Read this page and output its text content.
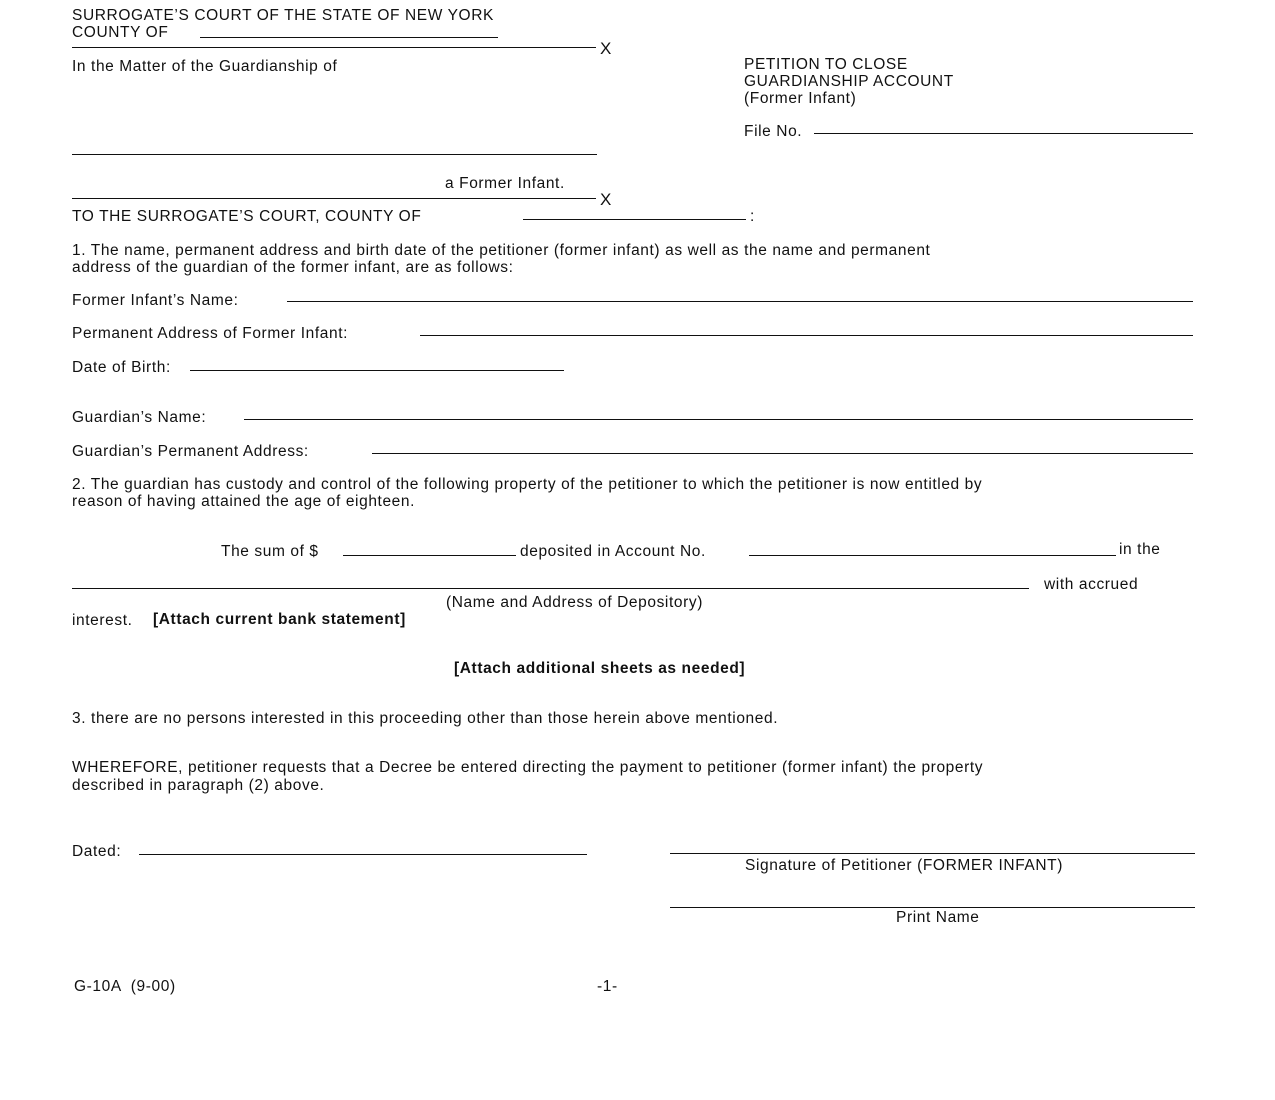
SURROGATE’S COURT OF THE STATE OF NEW YORK
COUNTY OF
X
In the Matter of the Guardianship of
a Former Infant.
X
PETITION TO CLOSE
GUARDIANSHIP ACCOUNT
(Former Infant)
File No.
TO THE SURROGATE’S COURT, COUNTY OF	:
1. The name, permanent address and birth date of the petitioner (former infant) as well as the name and permanent
address of the guardian of the former infant, are as follows:
Former Infant’s Name:
Permanent Address of Former Infant:
Date of Birth:
Guardian’s Name:
Guardian’s Permanent Address:
2. The guardian has custody and control of the following property of the petitioner to which the petitioner is now entitled by
reason of having attained the age of eighteen.
The sum of $	deposited in Account No.	in the
with accrued
(Name and Address of Depository)
interest. [Attach current bank statement]
[Attach additional sheets as needed]
3. there are no persons interested in this proceeding other than those herein above mentioned.
WHEREFORE, petitioner requests that a Decree be entered directing the payment to petitioner (former infant) the property
described in paragraph (2) above.
Dated:
Signature of Petitioner (FORMER INFANT)
Print Name
G-10A  (9-00)	-1-
